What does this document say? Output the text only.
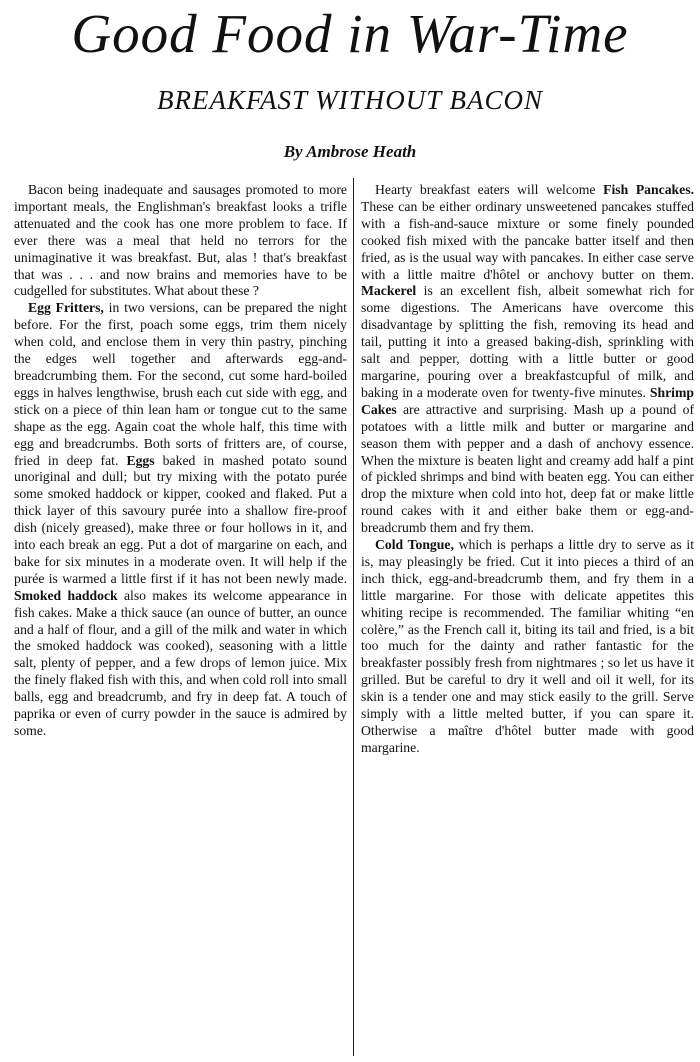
Good Food in War-Time
BREAKFAST WITHOUT BACON
By Ambrose Heath

Bacon being inadequate and sausages promoted to more important meals, the Englishman's breakfast looks a trifle attenuated and the cook has one more problem to face. If ever there was a meal that held no terrors for the unimaginative it was breakfast. But, alas ! that's breakfast that was . . . and now brains and memories have to be cudgelled for substitutes. What about these ?

Egg Fritters, in two versions, can be prepared the night before. For the first, poach some eggs, trim them nicely when cold, and enclose them in very thin pastry, pinching the edges well together and afterwards egg-and-breadcrumbing them. For the second, cut some hard-boiled eggs in halves lengthwise, brush each cut side with egg, and stick on a piece of thin lean ham or tongue cut to the same shape as the egg. Again coat the whole half, this time with egg and breadcrumbs. Both sorts of fritters are, of course, fried in deep fat. Eggs baked in mashed potato sound unoriginal and dull; but try mixing with the potato purée some smoked haddock or kipper, cooked and flaked. Put a thick layer of this savoury purée into a shallow fire-proof dish (nicely greased), make three or four hollows in it, and into each break an egg. Put a dot of margarine on each, and bake for six minutes in a moderate oven. It will help if the purée is warmed a little first if it has not been newly made. Smoked haddock also makes its welcome appearance in fish cakes. Make a thick sauce (an ounce of butter, an ounce and a half of flour, and a gill of the milk and water in which the smoked haddock was cooked), seasoning with a little salt, plenty of pepper, and a few drops of lemon juice. Mix the finely flaked fish with this, and when cold roll into small balls, egg and breadcrumb, and fry in deep fat. A touch of paprika or even of curry powder in the sauce is admired by some.

Hearty breakfast eaters will welcome Fish Pancakes. These can be either ordinary unsweetened pancakes stuffed with a fish-and-sauce mixture or some finely pounded cooked fish mixed with the pancake batter itself and then fried, as is the usual way with pancakes. In either case serve with a little maitre d'hôtel or anchovy butter on them. Mackerel is an excellent fish, albeit somewhat rich for some digestions. The Americans have overcome this disadvantage by splitting the fish, removing its head and tail, putting it into a greased baking-dish, sprinkling with salt and pepper, dotting with a little butter or good margarine, pouring over a breakfastcupful of milk, and baking in a moderate oven for twenty-five minutes. Shrimp Cakes are attractive and surprising. Mash up a pound of potatoes with a little milk and butter or margarine and season them with pepper and a dash of anchovy essence. When the mixture is beaten light and creamy add half a pint of pickled shrimps and bind with beaten egg. You can either drop the mixture when cold into hot, deep fat or make little round cakes with it and either bake them or egg-and-breadcrumb them and fry them.

Cold Tongue, which is perhaps a little dry to serve as it is, may pleasingly be fried. Cut it into pieces a third of an inch thick, egg-and-breadcrumb them, and fry them in a little margarine. For those with delicate appetites this whiting recipe is recommended. The familiar whiting “en colère,” as the French call it, biting its tail and fried, is a bit too much for the dainty and rather fantastic for the breakfaster possibly fresh from nightmares ; so let us have it grilled. But be careful to dry it well and oil it well, for its skin is a tender one and may stick easily to the grill. Serve simply with a little melted butter, if you can spare it. Otherwise a maître d'hôtel butter made with good margarine.
